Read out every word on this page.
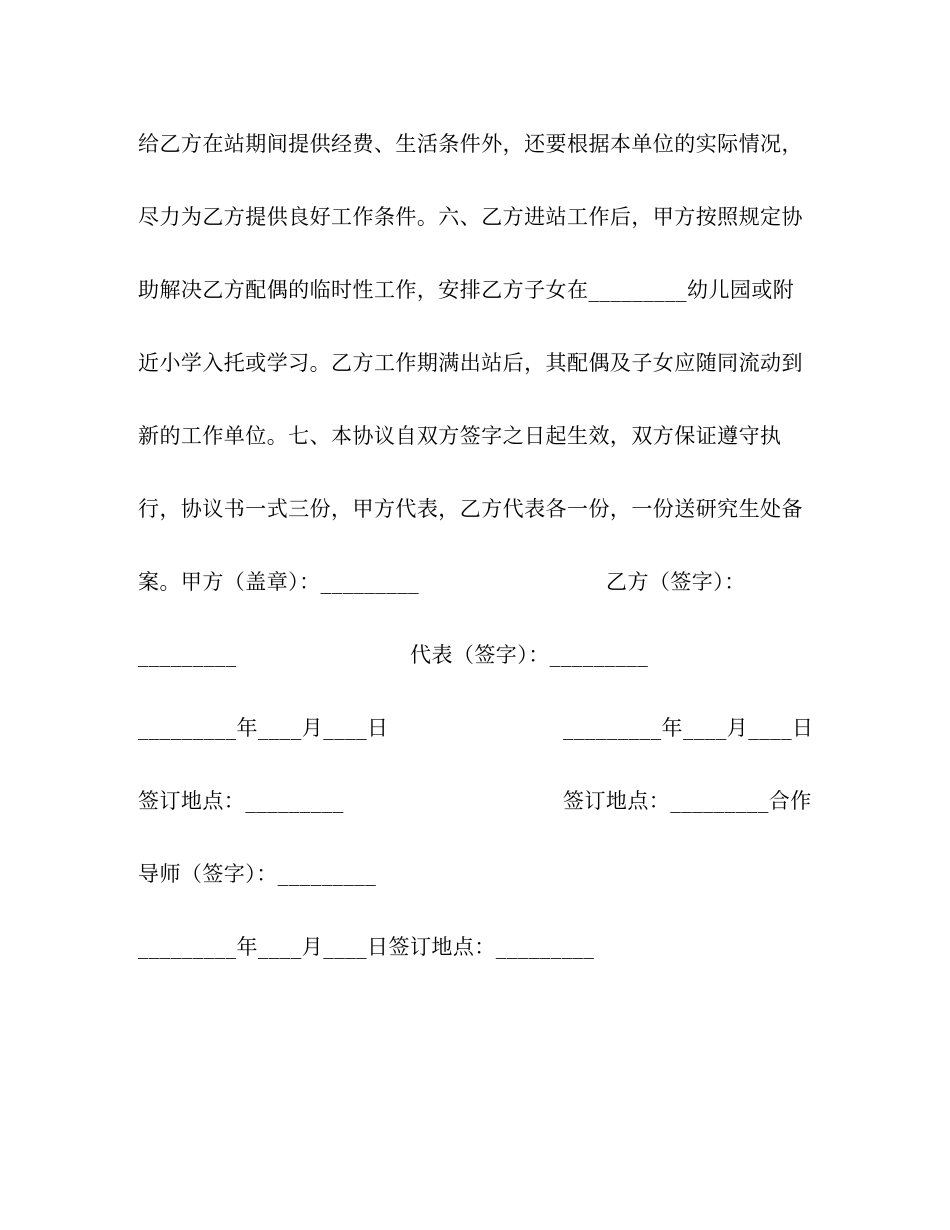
给乙方在站期间提供经费、生活条件外，还要根据本单位的实际情况，
尽力为乙方提供良好工作条件。六、乙方进站工作后，甲方按照规定协
助解决乙方配偶的临时性工作，安排乙方子女在_________幼儿园或附
近小学入托或学习。乙方工作期满出站后，其配偶及子女应随同流动到
新的工作单位。七、本协议自双方签字之日起生效，双方保证遵守执
行，协议书一式三份，甲方代表，乙方代表各一份，一份送研究生处备
案。甲方（盖章）：_________	乙方（签字）：
_________	代表（签字）：_________
_________年____月____日	_________年____月____日
签订地点：_________	签订地点：_________合作
导师（签字）：_________
_________年____月____日签订地点：_________
